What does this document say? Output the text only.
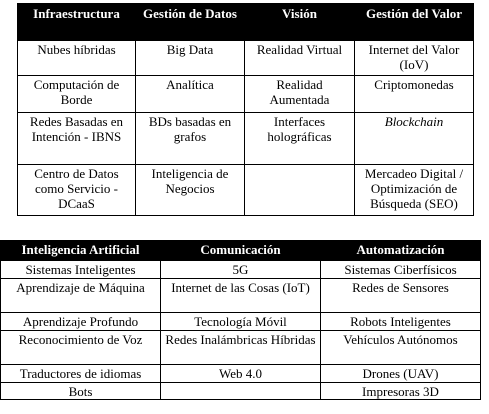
Infraestructura	Gestión de Datos	Visión	Gestión del Valor
Nubes híbridas	Big Data	Realidad Virtual	Internet del Valor (IoV)
Computación de Borde	Analítica	Realidad Aumentada	Criptomonedas
Redes Basadas en Intención - IBNS	BDs basadas en grafos	Interfaces holográficas	Blockchain
Centro de Datos como Servicio - DCaaS	Inteligencia de Negocios		Mercadeo Digital / Optimización de Búsqueda (SEO)
Inteligencia Artificial	Comunicación	Automatización
Sistemas Inteligentes	5G	Sistemas Ciberfísicos
Aprendizaje de Máquina	Internet de las Cosas (IoT)	Redes de Sensores
Aprendizaje Profundo	Tecnología Móvil	Robots Inteligentes
Reconocimiento de Voz	Redes Inalámbricas Híbridas	Vehículos Autónomos
Traductores de idiomas	Web 4.0	Drones (UAV)
Bots		Impresoras 3D
